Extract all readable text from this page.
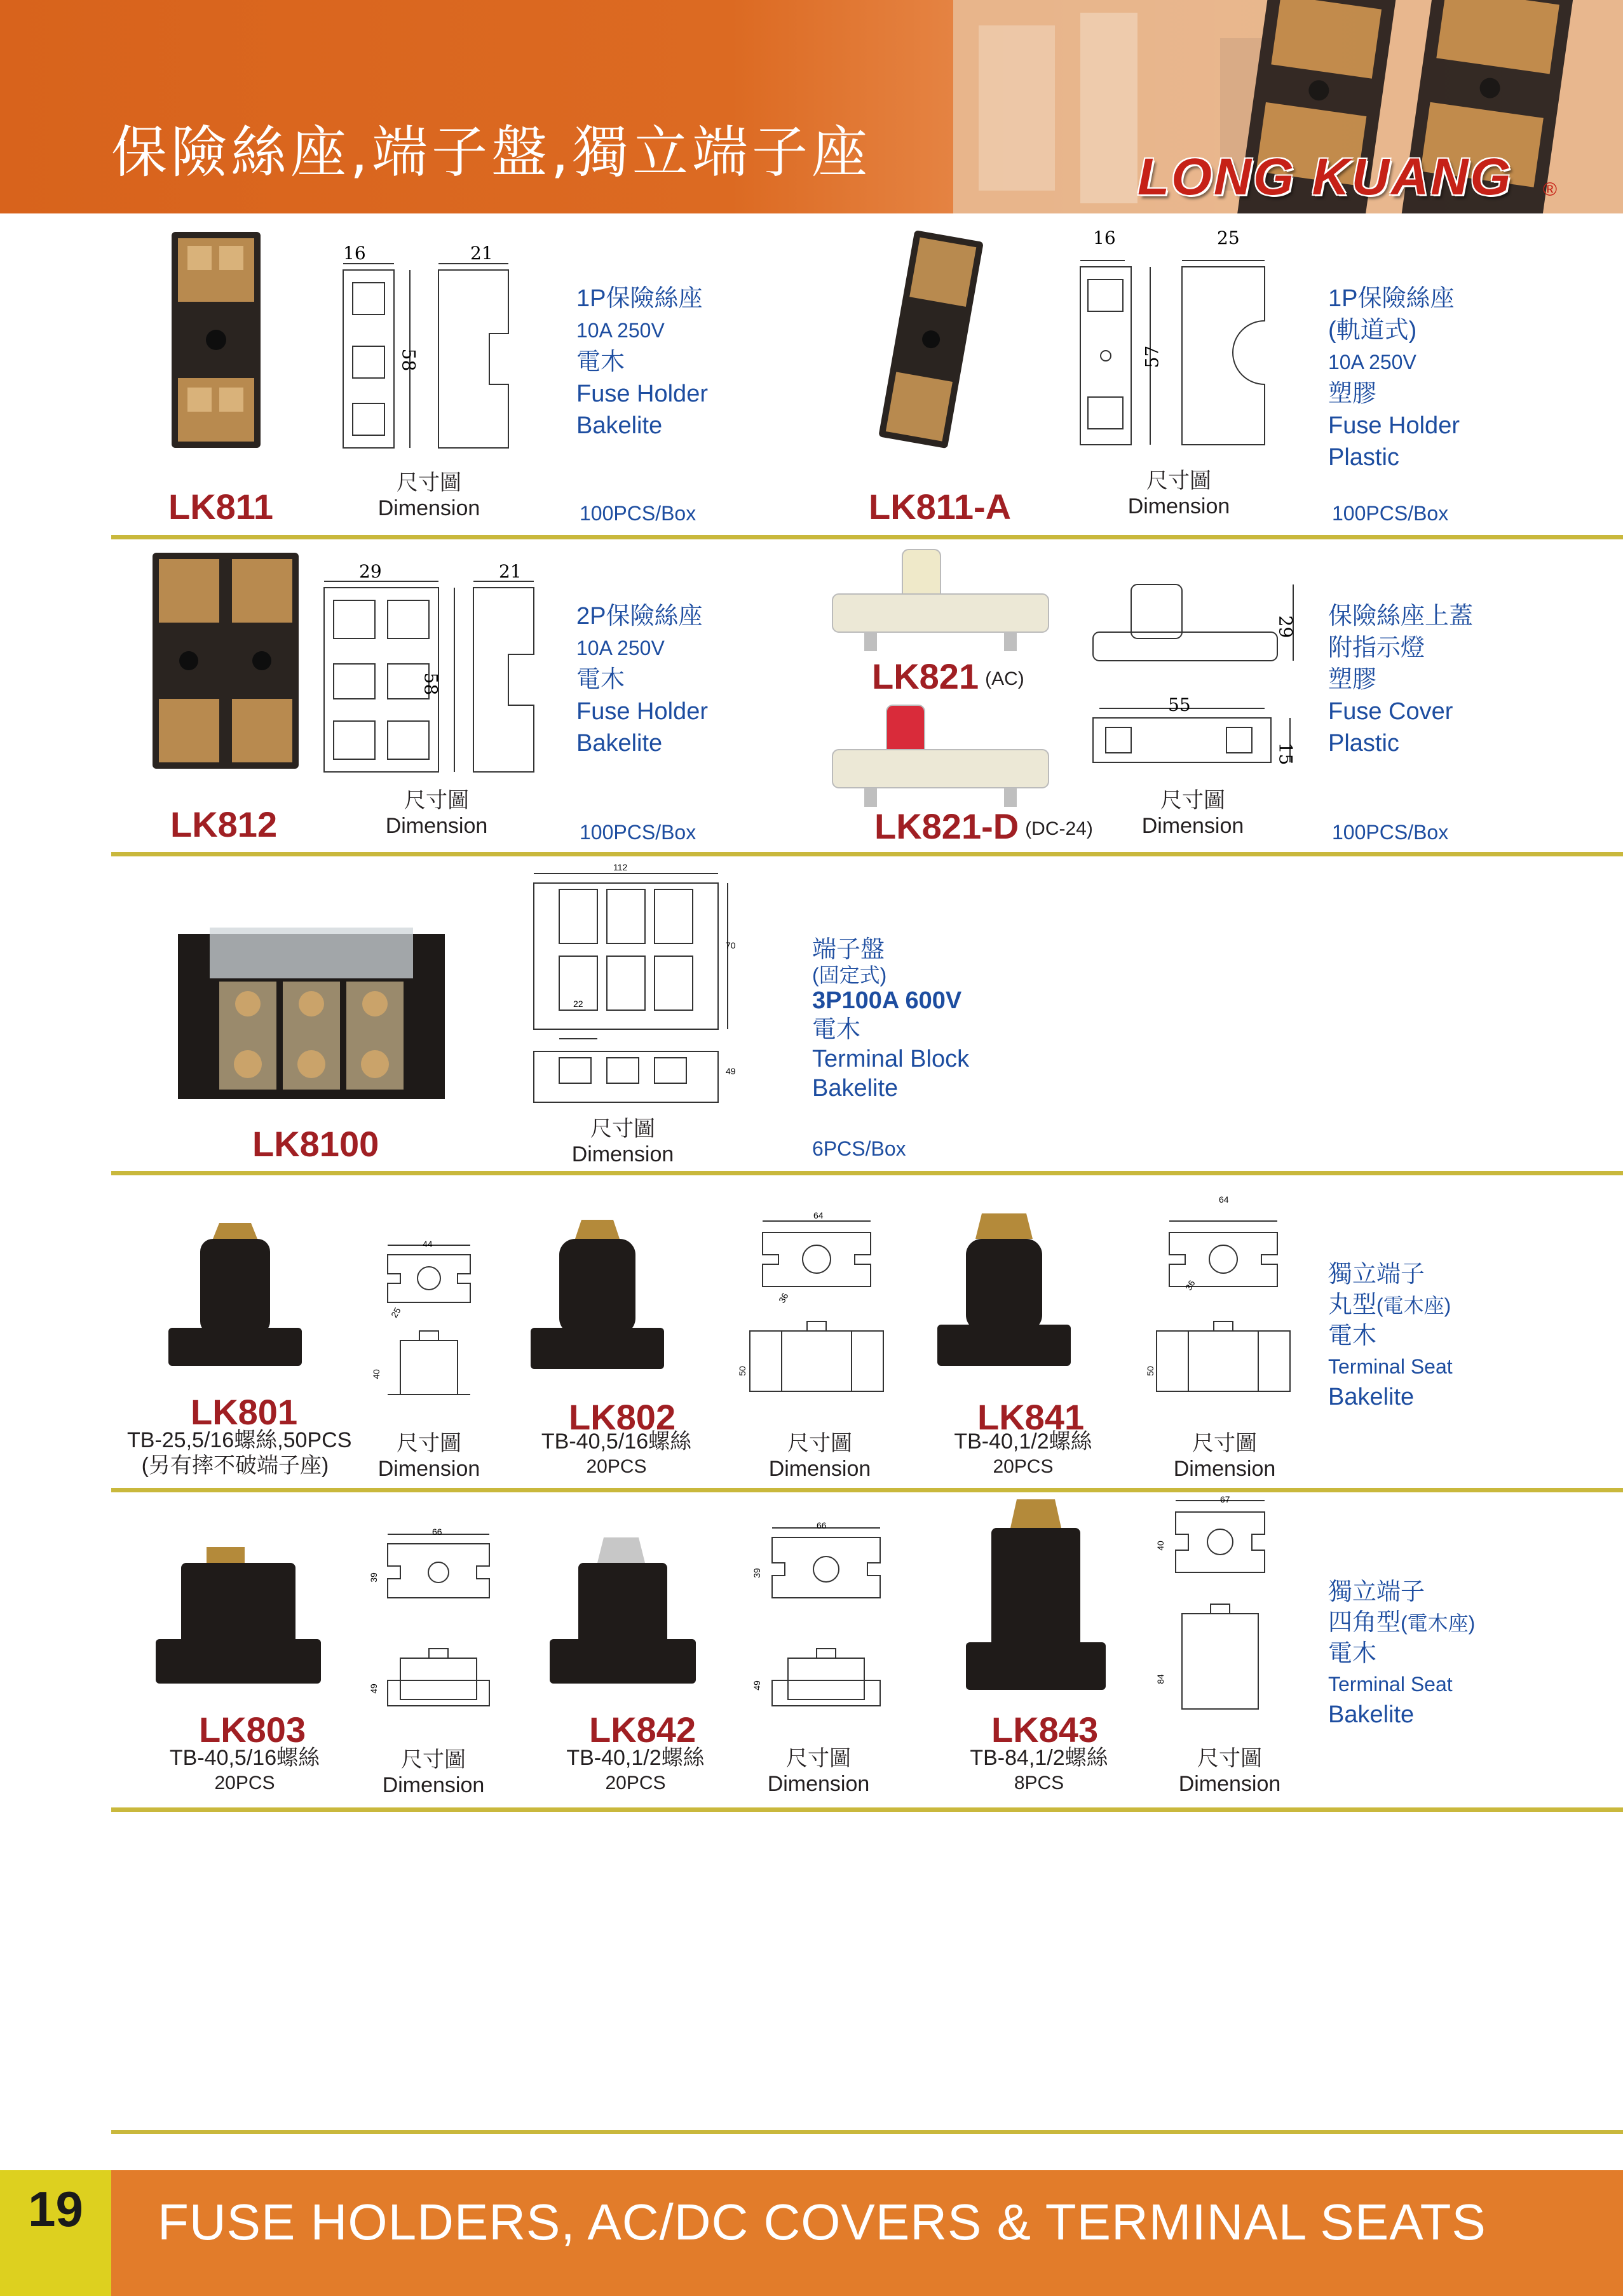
保險絲座,端子盤,獨立端子座	LONG KUANG ®
16	21
58
尺寸圖
Dimension
LK811
1P保險絲座
10A 250V
電木
Fuse Holder
Bakelite
100PCS/Box
16	25
57
尺寸圖
Dimension
LK811-A
1P保險絲座
(軌道式)
10A 250V
塑膠
Fuse Holder
Plastic
100PCS/Box
29	21
58
尺寸圖
Dimension
LK812
2P保險絲座
10A 250V
電木
Fuse Holder
Bakelite
100PCS/Box
LK821 (AC)
LK821-D (DC-24)
29
55
15
尺寸圖
Dimension
保險絲座上蓋
附指示燈
塑膠
Fuse Cover
Plastic
100PCS/Box
LK8100
112
70
22
49
尺寸圖
Dimension
端子盤
(固定式)
3P100A 600V
電木
Terminal Block
Bakelite
6PCS/Box
44
25
40
LK801
TB-25,5/16螺絲,50PCS
(另有摔不破端子座)
尺寸圖
Dimension
64
36
50
LK802
TB-40,5/16螺絲
20PCS
尺寸圖
Dimension
64
36
50
LK841
TB-40,1/2螺絲
20PCS
尺寸圖
Dimension
獨立端子
丸型(電木座)
電木
Terminal Seat
Bakelite
66
39
49
LK803
TB-40,5/16螺絲
20PCS
尺寸圖
Dimension
66
39
49
LK842
TB-40,1/2螺絲
20PCS
尺寸圖
Dimension
67
40
84
LK843
TB-84,1/2螺絲
8PCS
尺寸圖
Dimension
獨立端子
四角型(電木座)
電木
Terminal Seat
Bakelite
19	FUSE HOLDERS, AC/DC COVERS & TERMINAL SEATS
